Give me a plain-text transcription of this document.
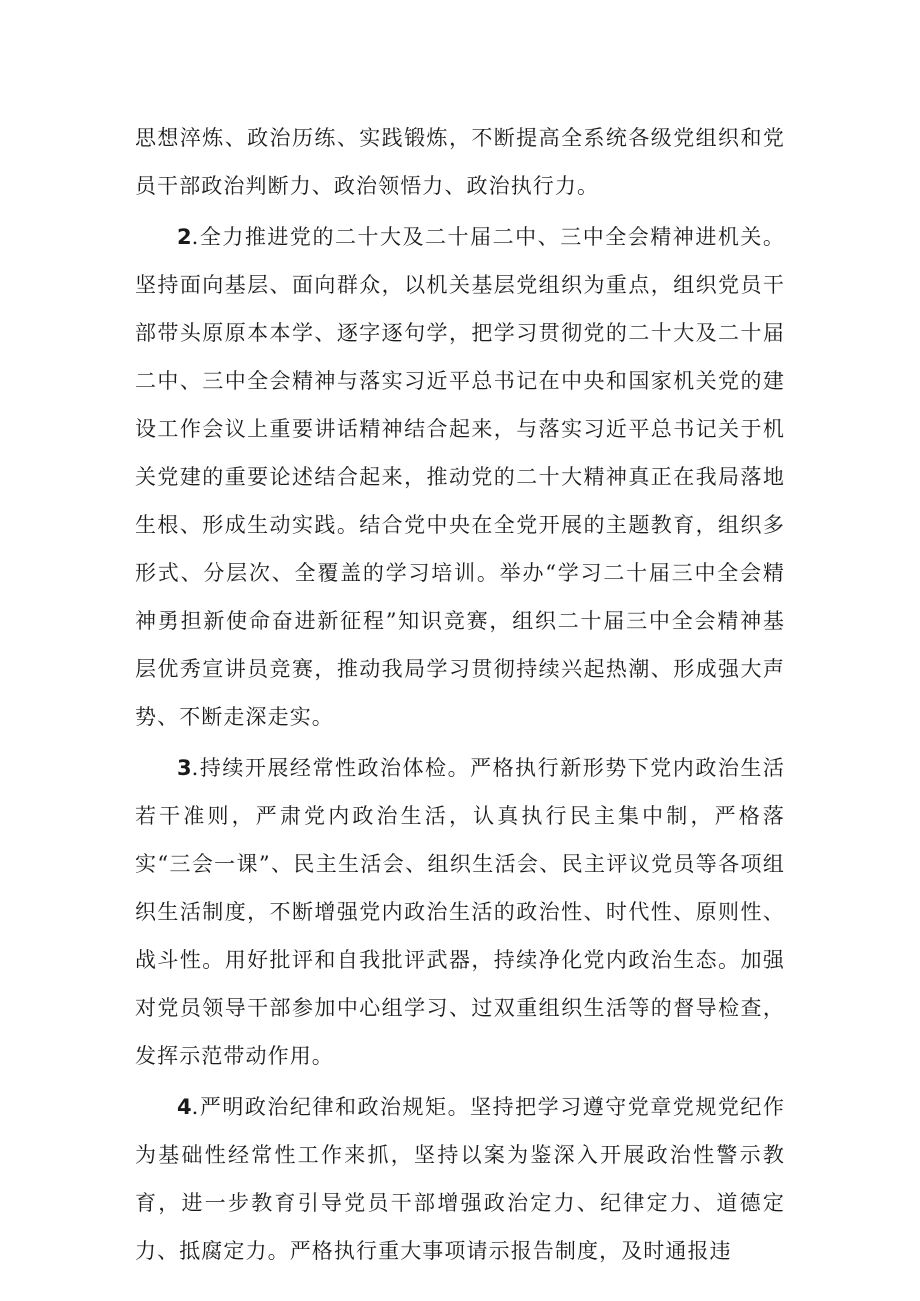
思想淬炼、政治历练、实践锻炼，不断提高全系统各级党组织和党员干部政治判断力、政治领悟力、政治执行力。

2.全力推进党的二十大及二十届二中、三中全会精神进机关。坚持面向基层、面向群众，以机关基层党组织为重点，组织党员干部带头原原本本学、逐字逐句学，把学习贯彻党的二十大及二十届二中、三中全会精神与落实习近平总书记在中央和国家机关党的建设工作会议上重要讲话精神结合起来，与落实习近平总书记关于机关党建的重要论述结合起来，推动党的二十大精神真正在我局落地生根、形成生动实践。结合党中央在全党开展的主题教育，组织多形式、分层次、全覆盖的学习培训。举办“学习二十届三中全会精神勇担新使命奋进新征程”知识竞赛，组织二十届三中全会精神基层优秀宣讲员竞赛，推动我局学习贯彻持续兴起热潮、形成强大声势、不断走深走实。

3.持续开展经常性政治体检。严格执行新形势下党内政治生活若干准则，严肃党内政治生活，认真执行民主集中制，严格落实“三会一课”、民主生活会、组织生活会、民主评议党员等各项组织生活制度，不断增强党内政治生活的政治性、时代性、原则性、战斗性。用好批评和自我批评武器，持续净化党内政治生态。加强对党员领导干部参加中心组学习、过双重组织生活等的督导检查，发挥示范带动作用。

4.严明政治纪律和政治规矩。坚持把学习遵守党章党规党纪作为基础性经常性工作来抓，坚持以案为鉴深入开展政治性警示教育，进一步教育引导党员干部增强政治定力、纪律定力、道德定力、抵腐定力。严格执行重大事项请示报告制度，及时通报违
